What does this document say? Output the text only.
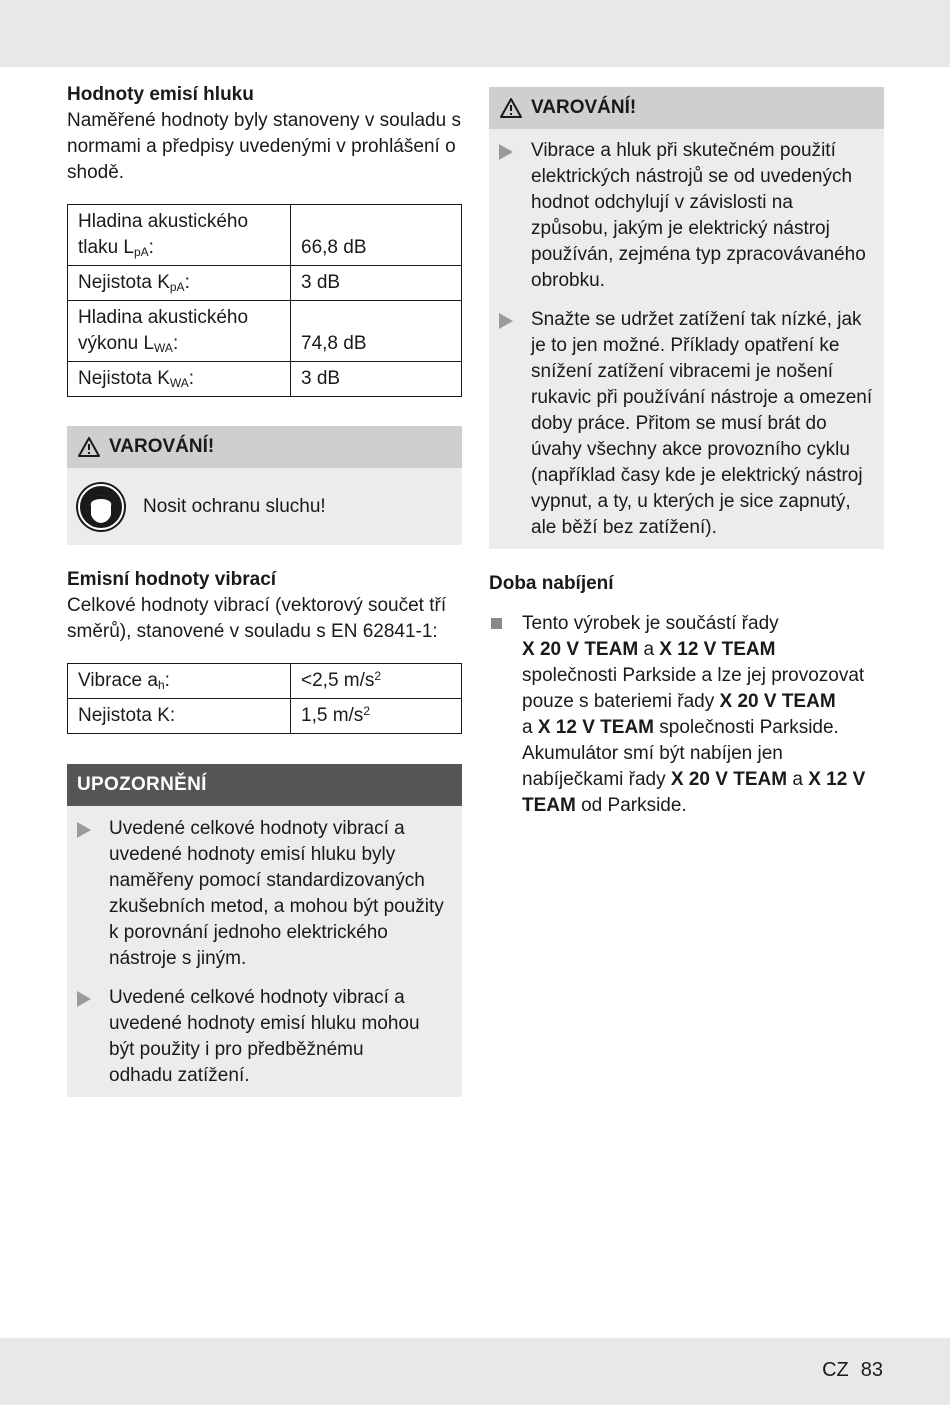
Hodnoty emisí hluku

Naměřené hodnoty byly stanoveny v souladu s normami a předpisy uvedenými v prohlášení o shodě.

Hladina akustického
tlaku $L_{pA}$:	66,8 dB
Nejistota $K_{pA}$:	3 dB
Hladina akustického
výkonu $L_{WA}$:	74,8 dB
Nejistota $K_{WA}$:	3 dB
VAROVÁNÍ!
Nosit ochranu sluchu!

Emisní hodnoty vibrací

Celkové hodnoty vibrací (vektorový součet tří směrů), stanovené v souladu s EN 62841-1:

Vibrace $a_h$:	<2,5 $m/s^2$
Nejistota K:	1,5 $m/s^2$
UPOZORNĚNÍ
Uvedené celkové hodnoty vibrací a uvedené hodnoty emisí hluku byly naměřeny pomocí standardizovaných zkušebních metod, a mohou být použity k porovnání jednoho elektrického nástroje s jiným.
Uvedené celkové hodnoty vibrací a uvedené hodnoty emisí hluku mohou být použity i pro předběžnému odhadu zatížení.
VAROVÁNÍ!
Vibrace a hluk při skutečném použití elektrických nástrojů se od uvedených hodnot odchylují v závislosti na způsobu, jakým je elektrický nástroj používán, zejména typ zpracovávaného obrobku.
Snažte se udržet zatížení tak nízké, jak je to jen možné. Příklady opatření ke snížení zatížení vibracemi je nošení rukavic při používání nástroje a omezení doby práce. Přitom se musí brát do úvahy všechny akce provozního cyklu (například časy kde je elektrický nástroj vypnut, a ty, u kterých je sice zapnutý, ale běží bez zatížení).

Doba nabíjení

Tento výrobek je součástí řady
X 20 V TEAM a X 12 V TEAM
společnosti Parkside a lze jej provozovat pouze s bateriemi řady X 20 V TEAM
a X 12 V TEAM společnosti Parkside. Akumulátor smí být nabíjen jen nabíječkami řady X 20 V TEAM a X 12 V TEAM od Parkside.
CZ 83
